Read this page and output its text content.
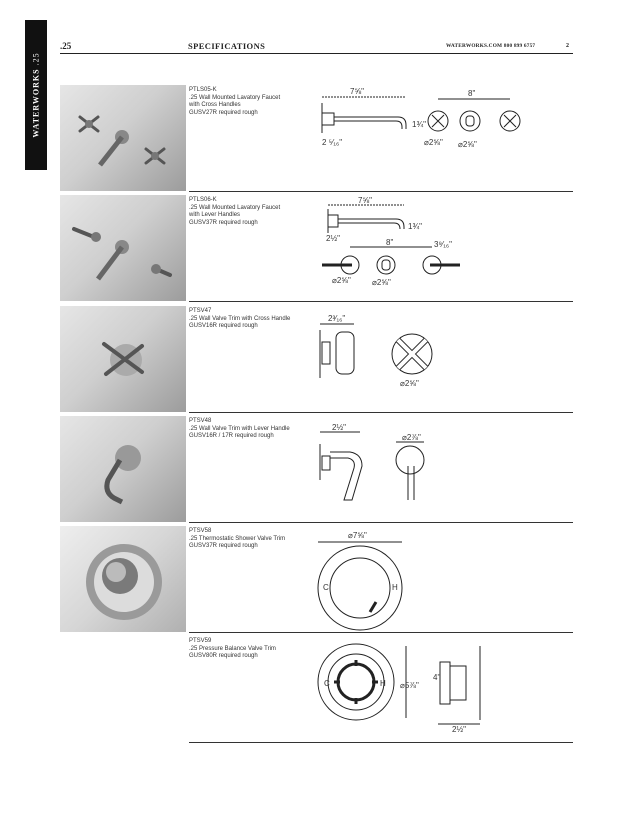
WATERWORKS .25
.25	SPECIFICATIONS	WATERWORKS.COM 800 899 6757	2
PTLS05-K
.25 Wall Mounted Lavatory Faucet
with Cross Handles
GUSV27R required rough
7⅝"
1¾"
2 ⁵⁄₁₆"
8"
⌀2⅝" ⌀2⅝"
PTLS06-K
.25 Wall Mounted Lavatory Faucet
with Lever Handles
GUSV37R required rough
7⅝"
1¾"
2½"	8"	3⁹⁄₁₆"
⌀2⅝"	⌀2⅝"
PTSV47
.25 Wall Valve Trim with Cross Handle
GUSV16R required rough
2³⁄₁₆"
⌀2⅝"
PTSV48
.25 Wall Valve Trim with Lever Handle
GUSV16R / 17R required rough
2½"
⌀2⅞"
PTSV58
.25 Thermostatic Shower Valve Trim
GUSV37R required rough
⌀7⅝"
C	H
PTSV59
.25 Pressure Balance Valve Trim
GUSV80R required rough
C	H ⌀5⅞"
4"
2½"
